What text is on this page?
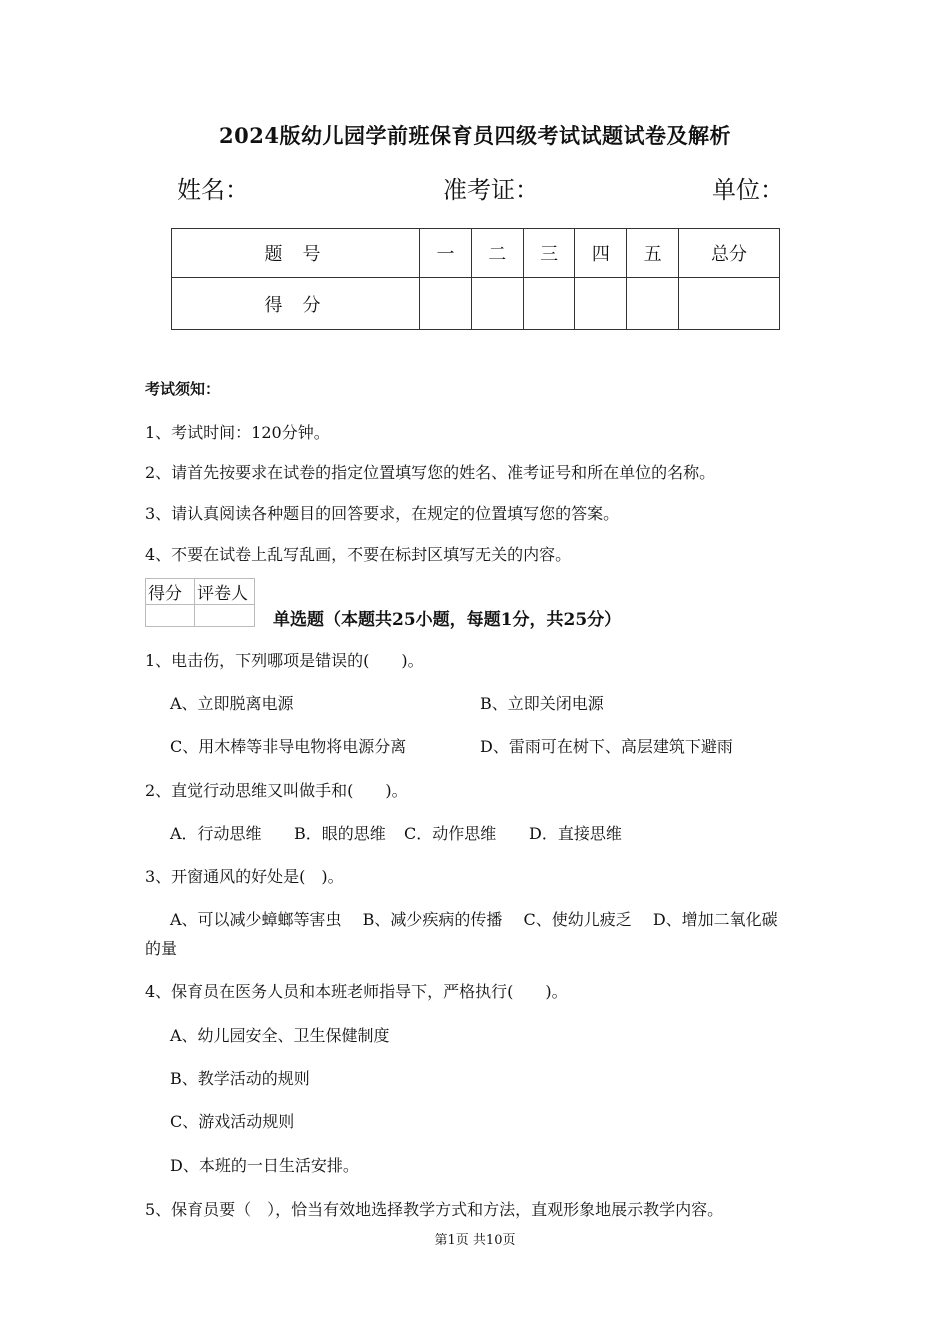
2024版幼儿园学前班保育员四级考试试题试卷及解析
姓名：	准考证：	单位：
题号	一	二	三	四	五	总分
得分						
考试须知：
1、考试时间：120分钟。
2、请首先按要求在试卷的指定位置填写您的姓名、准考证号和所在单位的名称。
3、请认真阅读各种题目的回答要求，在规定的位置填写您的答案。
4、不要在试卷上乱写乱画，不要在标封区填写无关的内容。
得分	评卷人

单选题（本题共25小题，每题1分，共25分）
1、电击伤，下列哪项是错误的(　　)。
A、立即脱离电源	B、立即关闭电源
C、用木棒等非导电物将电源分离	D、雷雨可在树下、高层建筑下避雨
2、直觉行动思维又叫做手和(　　)。
A．行动思维 B．眼的思维 C．动作思维 D．直接思维
3、开窗通风的好处是(　)。
A、可以减少蟑螂等害虫　 B、减少疾病的传播　 C、使幼儿疲乏　 D、增加二氧化碳
的量
4、保育员在医务人员和本班老师指导下，严格执行(　　)。
A、幼儿园安全、卫生保健制度
B、教学活动的规则
C、游戏活动规则
D、本班的一日生活安排。
5、保育员要（　），恰当有效地选择教学方式和方法，直观形象地展示教学内容。
第1页 共10页
